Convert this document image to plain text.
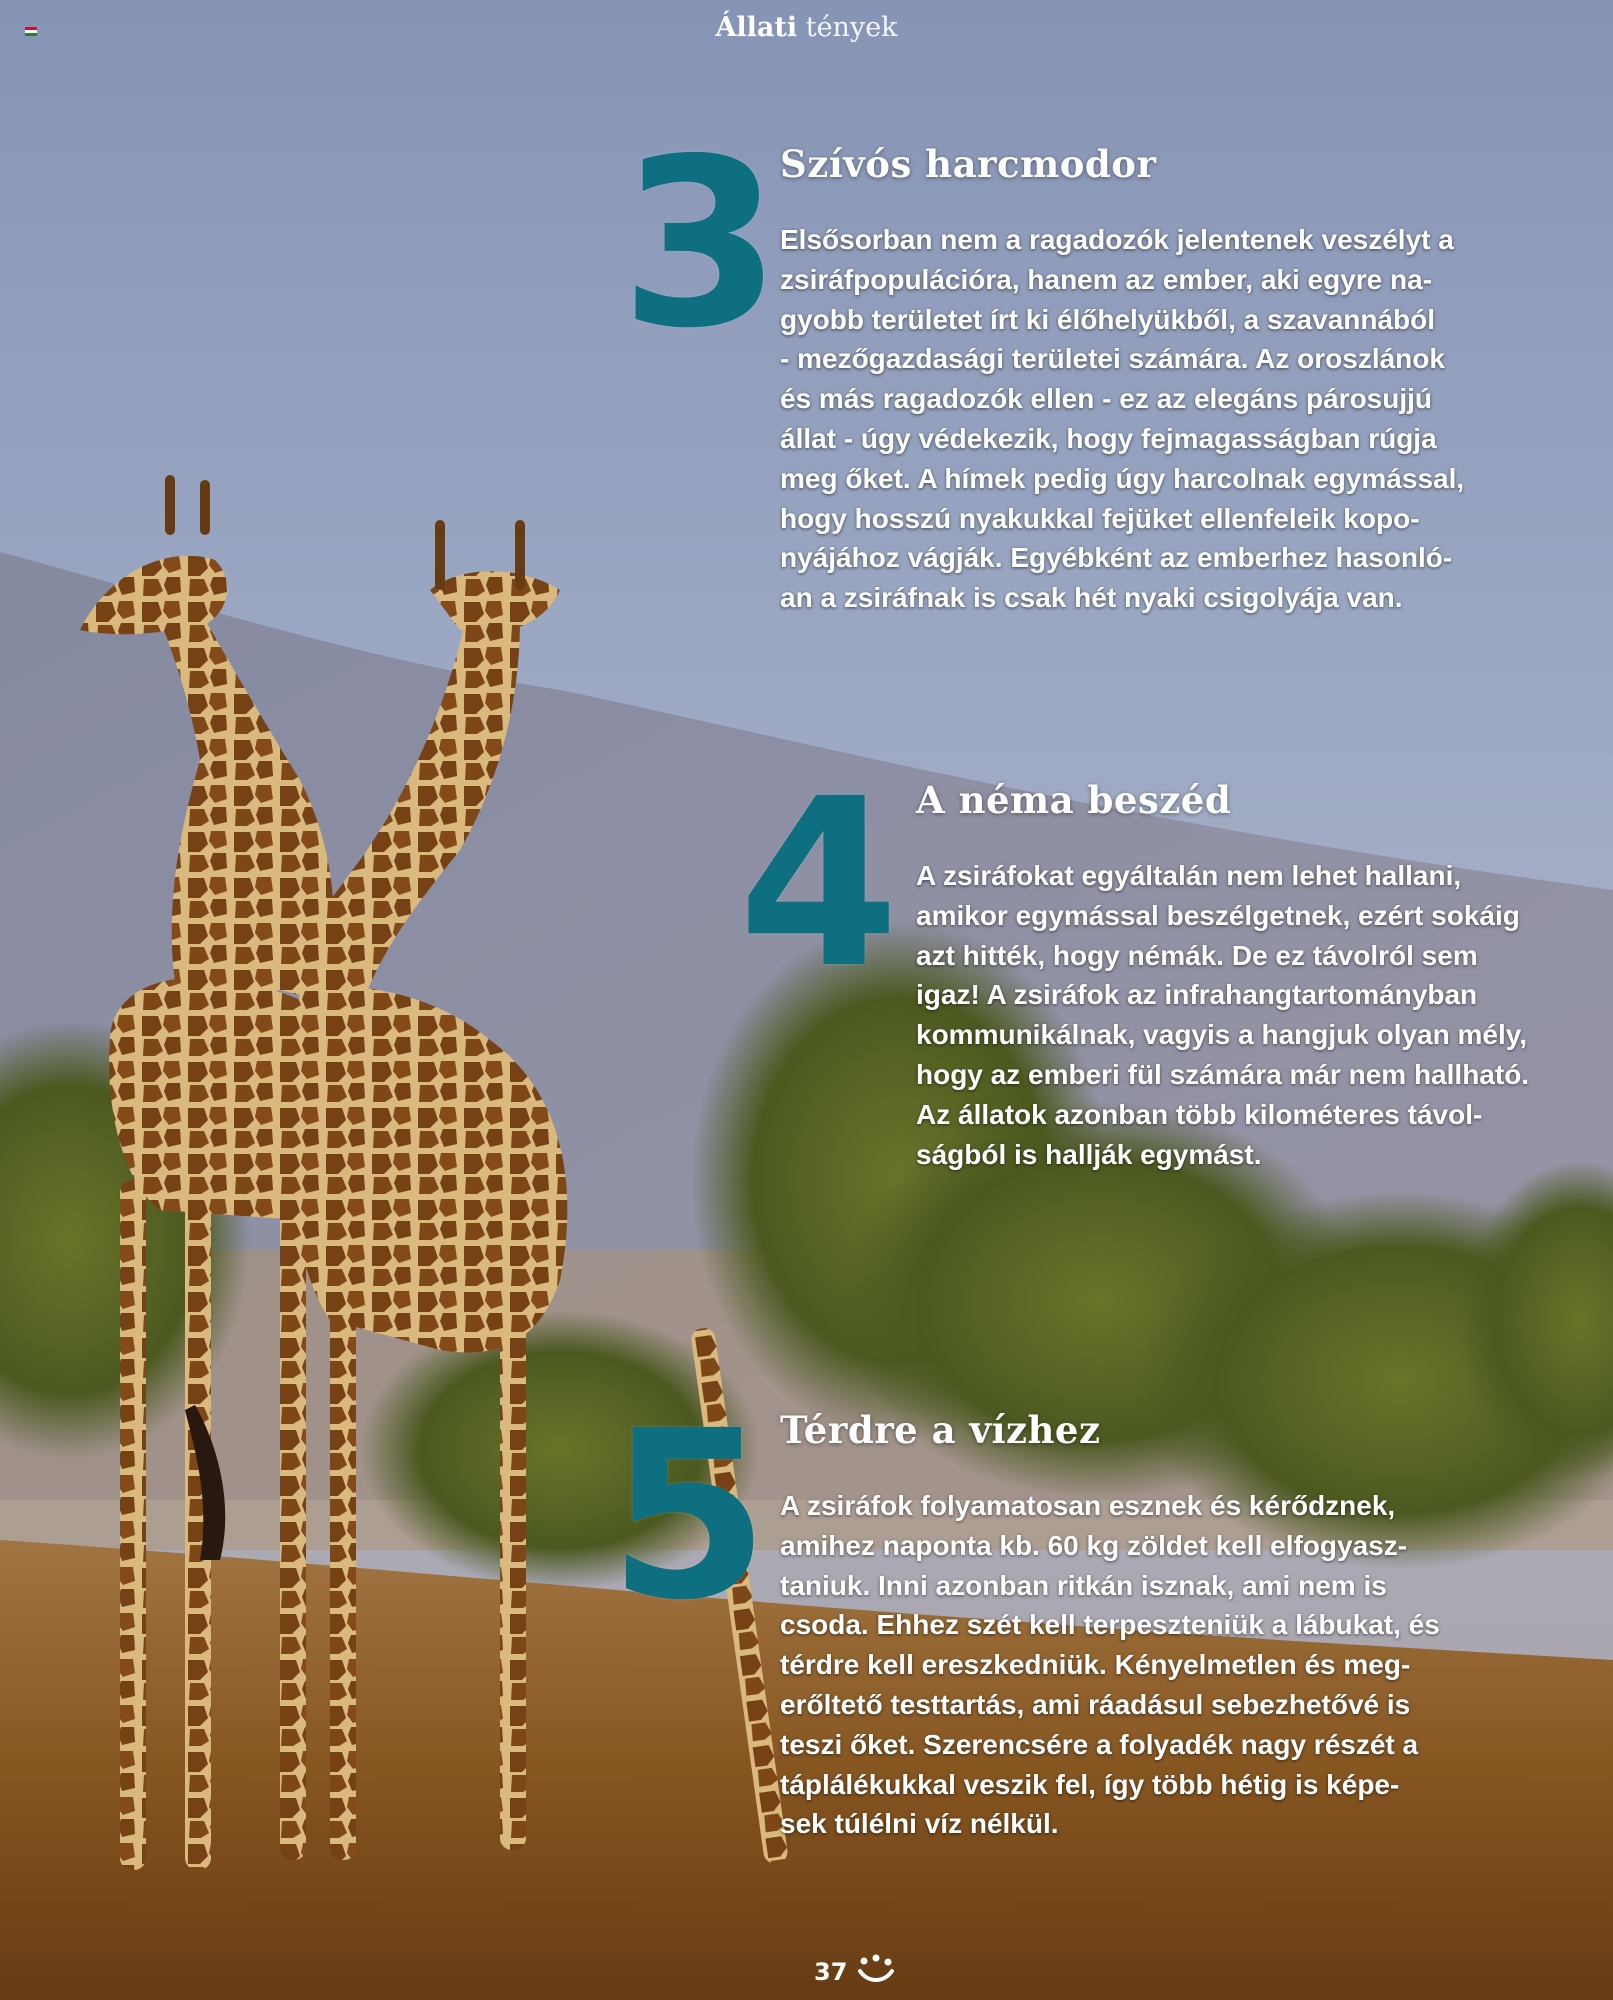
Állati tények
3
Szívós harcmodor
Elsősorban nem a ragadozók jelentenek veszélyt a
zsiráfpopulációra, hanem az ember, aki egyre na-
gyobb területet írt ki élőhelyükből, a szavannából
- mezőgazdasági területei számára. Az oroszlánok
és más ragadozók ellen - ez az elegáns párosujjú
állat - úgy védekezik, hogy fejmagasságban rúgja
meg őket. A hímek pedig úgy harcolnak egymással,
hogy hosszú nyakukkal fejüket ellenfeleik kopo-
nyájához vágják. Egyébként az emberhez hasonló-
an a zsiráfnak is csak hét nyaki csigolyája van.
4 A néma beszéd
A zsiráfokat egyáltalán nem lehet hallani,
amikor egymással beszélgetnek, ezért sokáig
azt hitték, hogy némák. De ez távolról sem
igaz! A zsiráfok az infrahangtartományban
kommunikálnak, vagyis a hangjuk olyan mély,
hogy az emberi fül számára már nem hallható.
Az állatok azonban több kilométeres távol-
ságból is hallják egymást.
5 Térdre a vízhez
A zsiráfok folyamatosan esznek és kérődznek,
amihez naponta kb. 60 kg zöldet kell elfogyasz-
taniuk. Inni azonban ritkán isznak, ami nem is
csoda. Ehhez szét kell terpeszteniük a lábukat, és
térdre kell ereszkedniük. Kényelmetlen és meg-
erőltető testtartás, ami ráadásul sebezhetővé is
teszi őket. Szerencsére a folyadék nagy részét a
táplálékukkal veszik fel, így több hétig is képe-
sek túlélni víz nélkül.
37
